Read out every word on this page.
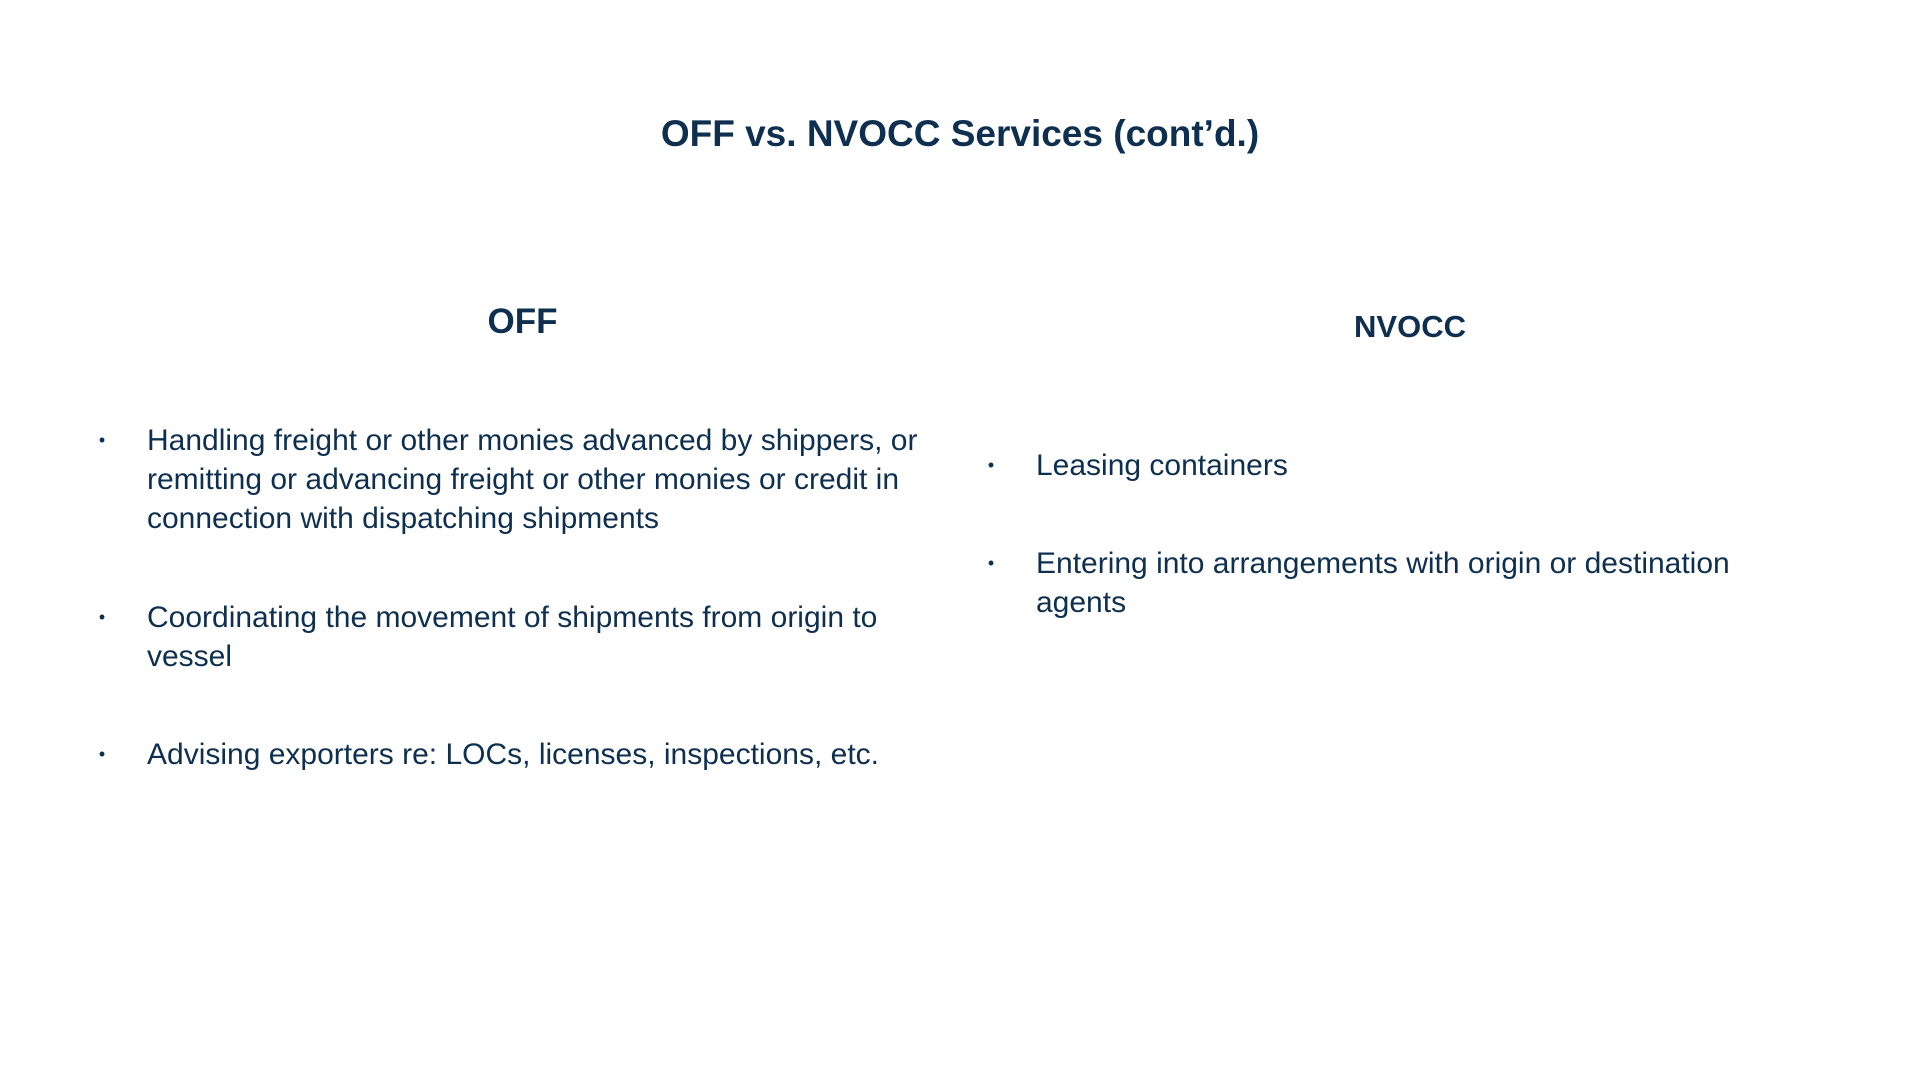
OFF vs. NVOCC Services (cont’d.)
OFF
• Handling freight or other monies advanced by shippers, or remitting or advancing freight or other monies or credit in connection with dispatching shipments
• Coordinating the movement of shipments from origin to vessel
• Advising exporters re: LOCs, licenses, inspections, etc.
NVOCC
• Leasing containers
• Entering into arrangements with origin or destination agents
